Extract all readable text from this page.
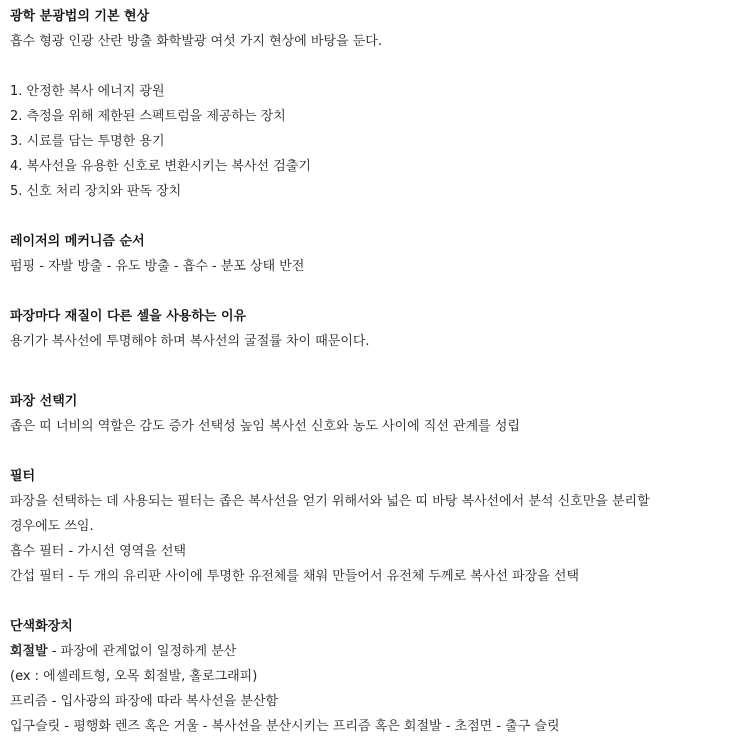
광학 분광법의 기본 현상
흡수 형광 인광 산란 방출 화학발광 여섯 가지 현상에 바탕을 둔다.
1. 안정한 복사 에너지 광원
2. 측정을 위해 제한된 스펙트럼을 제공하는 장치
3. 시료를 담는 투명한 용기
4. 복사선을 유용한 신호로 변환시키는 복사선 검출기
5. 신호 처리 장치와 판독 장치
레이저의 메커니즘 순서
펌핑 - 자발 방출 - 유도 방출 - 흡수 - 분포 상태 반전
파장마다 재질이 다른 셀을 사용하는 이유
용기가 복사선에 투명해야 하며 복사선의 굴절률 차이 때문이다.
파장 선택기
좁은 띠 너비의 역할은 감도 증가 선택성 높임 복사선 신호와 농도 사이에 직선 관계를 성립
필터
파장을 선택하는 데 사용되는 필터는 좁은 복사선을 얻기 위해서와 넓은 띠 바탕 복사선에서 분석 신호만을 분리할
경우에도 쓰임.
흡수 필터 - 가시선 영역을 선택
간섭 필터 - 두 개의 유리판 사이에 투명한 유전체를 채워 만들어서 유전체 두께로 복사선 파장을 선택
단색화장치
회절발 - 파장에 관계없이 일정하게 분산
(ex : 에셀레트형, 오목 회절발, 홀로그래피)
프리즘 - 입사광의 파장에 따라 복사선을 분산함
입구슬릿 - 평행화 렌즈 혹은 거울 - 복사선을 분산시키는 프리즘 혹은 회절발 - 초점면 - 출구 슬릿
